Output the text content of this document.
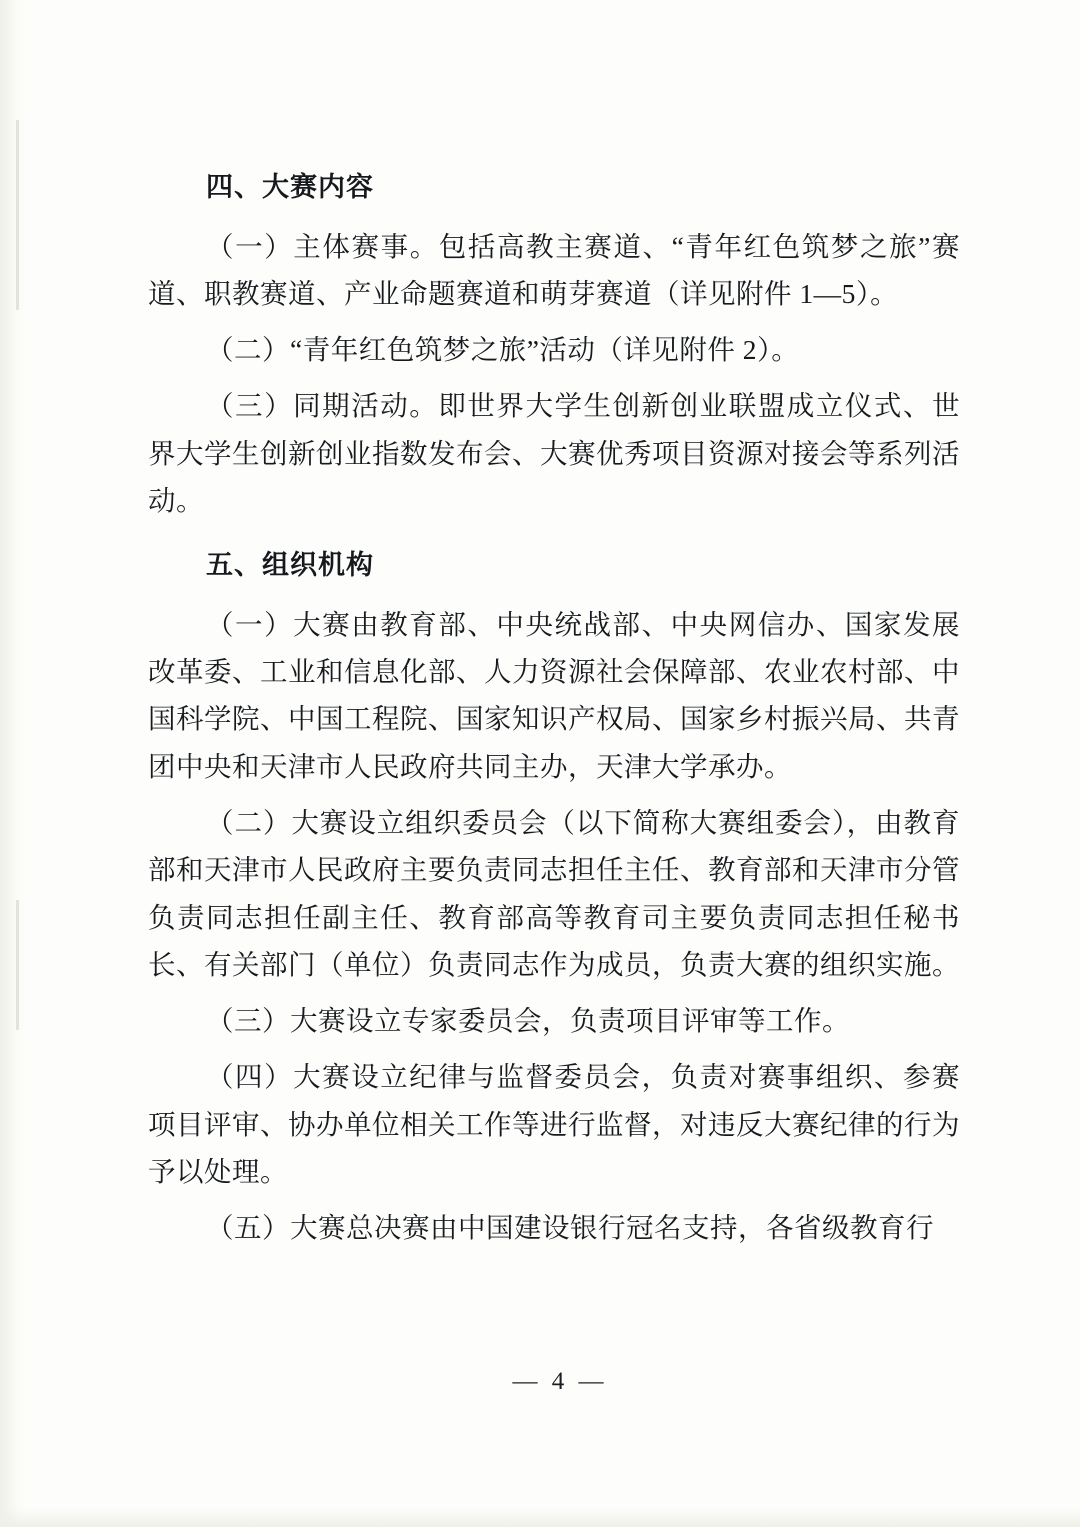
四、大赛内容

（一）主体赛事。包括高教主赛道、“青年红色筑梦之旅”赛道、职教赛道、产业命题赛道和萌芽赛道（详见附件 1—5）。

（二）“青年红色筑梦之旅”活动（详见附件 2）。

（三）同期活动。即世界大学生创新创业联盟成立仪式、世界大学生创新创业指数发布会、大赛优秀项目资源对接会等系列活动。

五、组织机构

（一）大赛由教育部、中央统战部、中央网信办、国家发展改革委、工业和信息化部、人力资源社会保障部、农业农村部、中国科学院、中国工程院、国家知识产权局、国家乡村振兴局、共青团中央和天津市人民政府共同主办，天津大学承办。

（二）大赛设立组织委员会（以下简称大赛组委会），由教育部和天津市人民政府主要负责同志担任主任、教育部和天津市分管负责同志担任副主任、教育部高等教育司主要负责同志担任秘书长、有关部门（单位）负责同志作为成员，负责大赛的组织实施。

（三）大赛设立专家委员会，负责项目评审等工作。

（四）大赛设立纪律与监督委员会，负责对赛事组织、参赛项目评审、协办单位相关工作等进行监督，对违反大赛纪律的行为予以处理。

（五）大赛总决赛由中国建设银行冠名支持，各省级教育行

— 4 —
